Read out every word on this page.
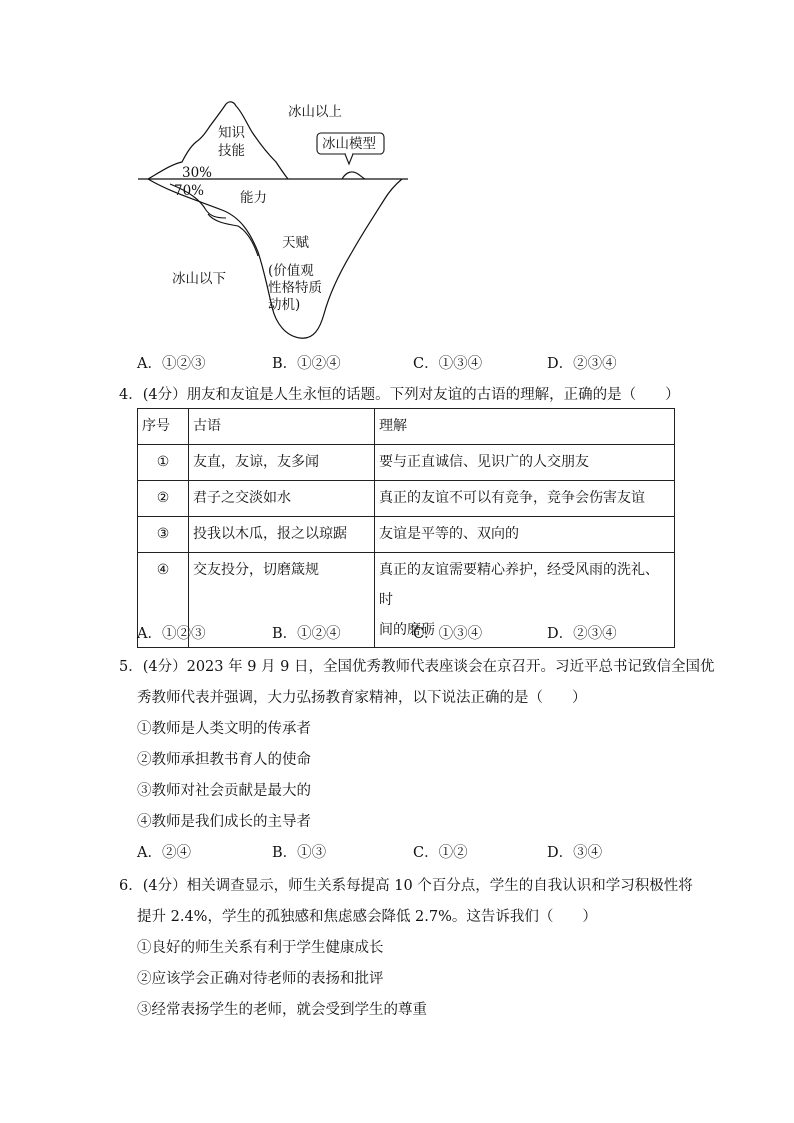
冰山以上
冰山模型
知识
技能
30%
70%	能力
天赋
冰山以下	(价值观
性格特质
动机)
A．①②③	B．①②④	C．①③④	D．②③④
4．(4分）朋友和友谊是人生永恒的话题。下列对友谊的古语的理解，正确的是（　　）
序号	古语	理解
①	友直，友谅，友多闻	要与正直诚信、见识广的人交朋友
②	君子之交淡如水	真正的友谊不可以有竞争，竞争会伤害友谊
③	投我以木瓜，报之以琼踞	友谊是平等的、双向的
④	交友投分，切磨箴规	真正的友谊需要精心养护，经受风雨的洗礼、时
间的磨砺
A．①②③	B．①②④	C．①③④	D．②③④
5．(4分）2023 年 9 月 9 日，全国优秀教师代表座谈会在京召开。习近平总书记致信全国优
秀教师代表并强调，大力弘扬教育家精神，以下说法正确的是（　　）
①教师是人类文明的传承者
②教师承担教书育人的使命
③教师对社会贡献是最大的
④教师是我们成长的主导者
A．②④	B．①③	C．①②	D．③④
6．(4分）相关调查显示，师生关系每提高 10 个百分点，学生的自我认识和学习积极性将
提升 2.4%，学生的孤独感和焦虑感会降低 2.7%。这告诉我们（　　）
①良好的师生关系有利于学生健康成长
②应该学会正确对待老师的表扬和批评
③经常表扬学生的老师，就会受到学生的尊重
